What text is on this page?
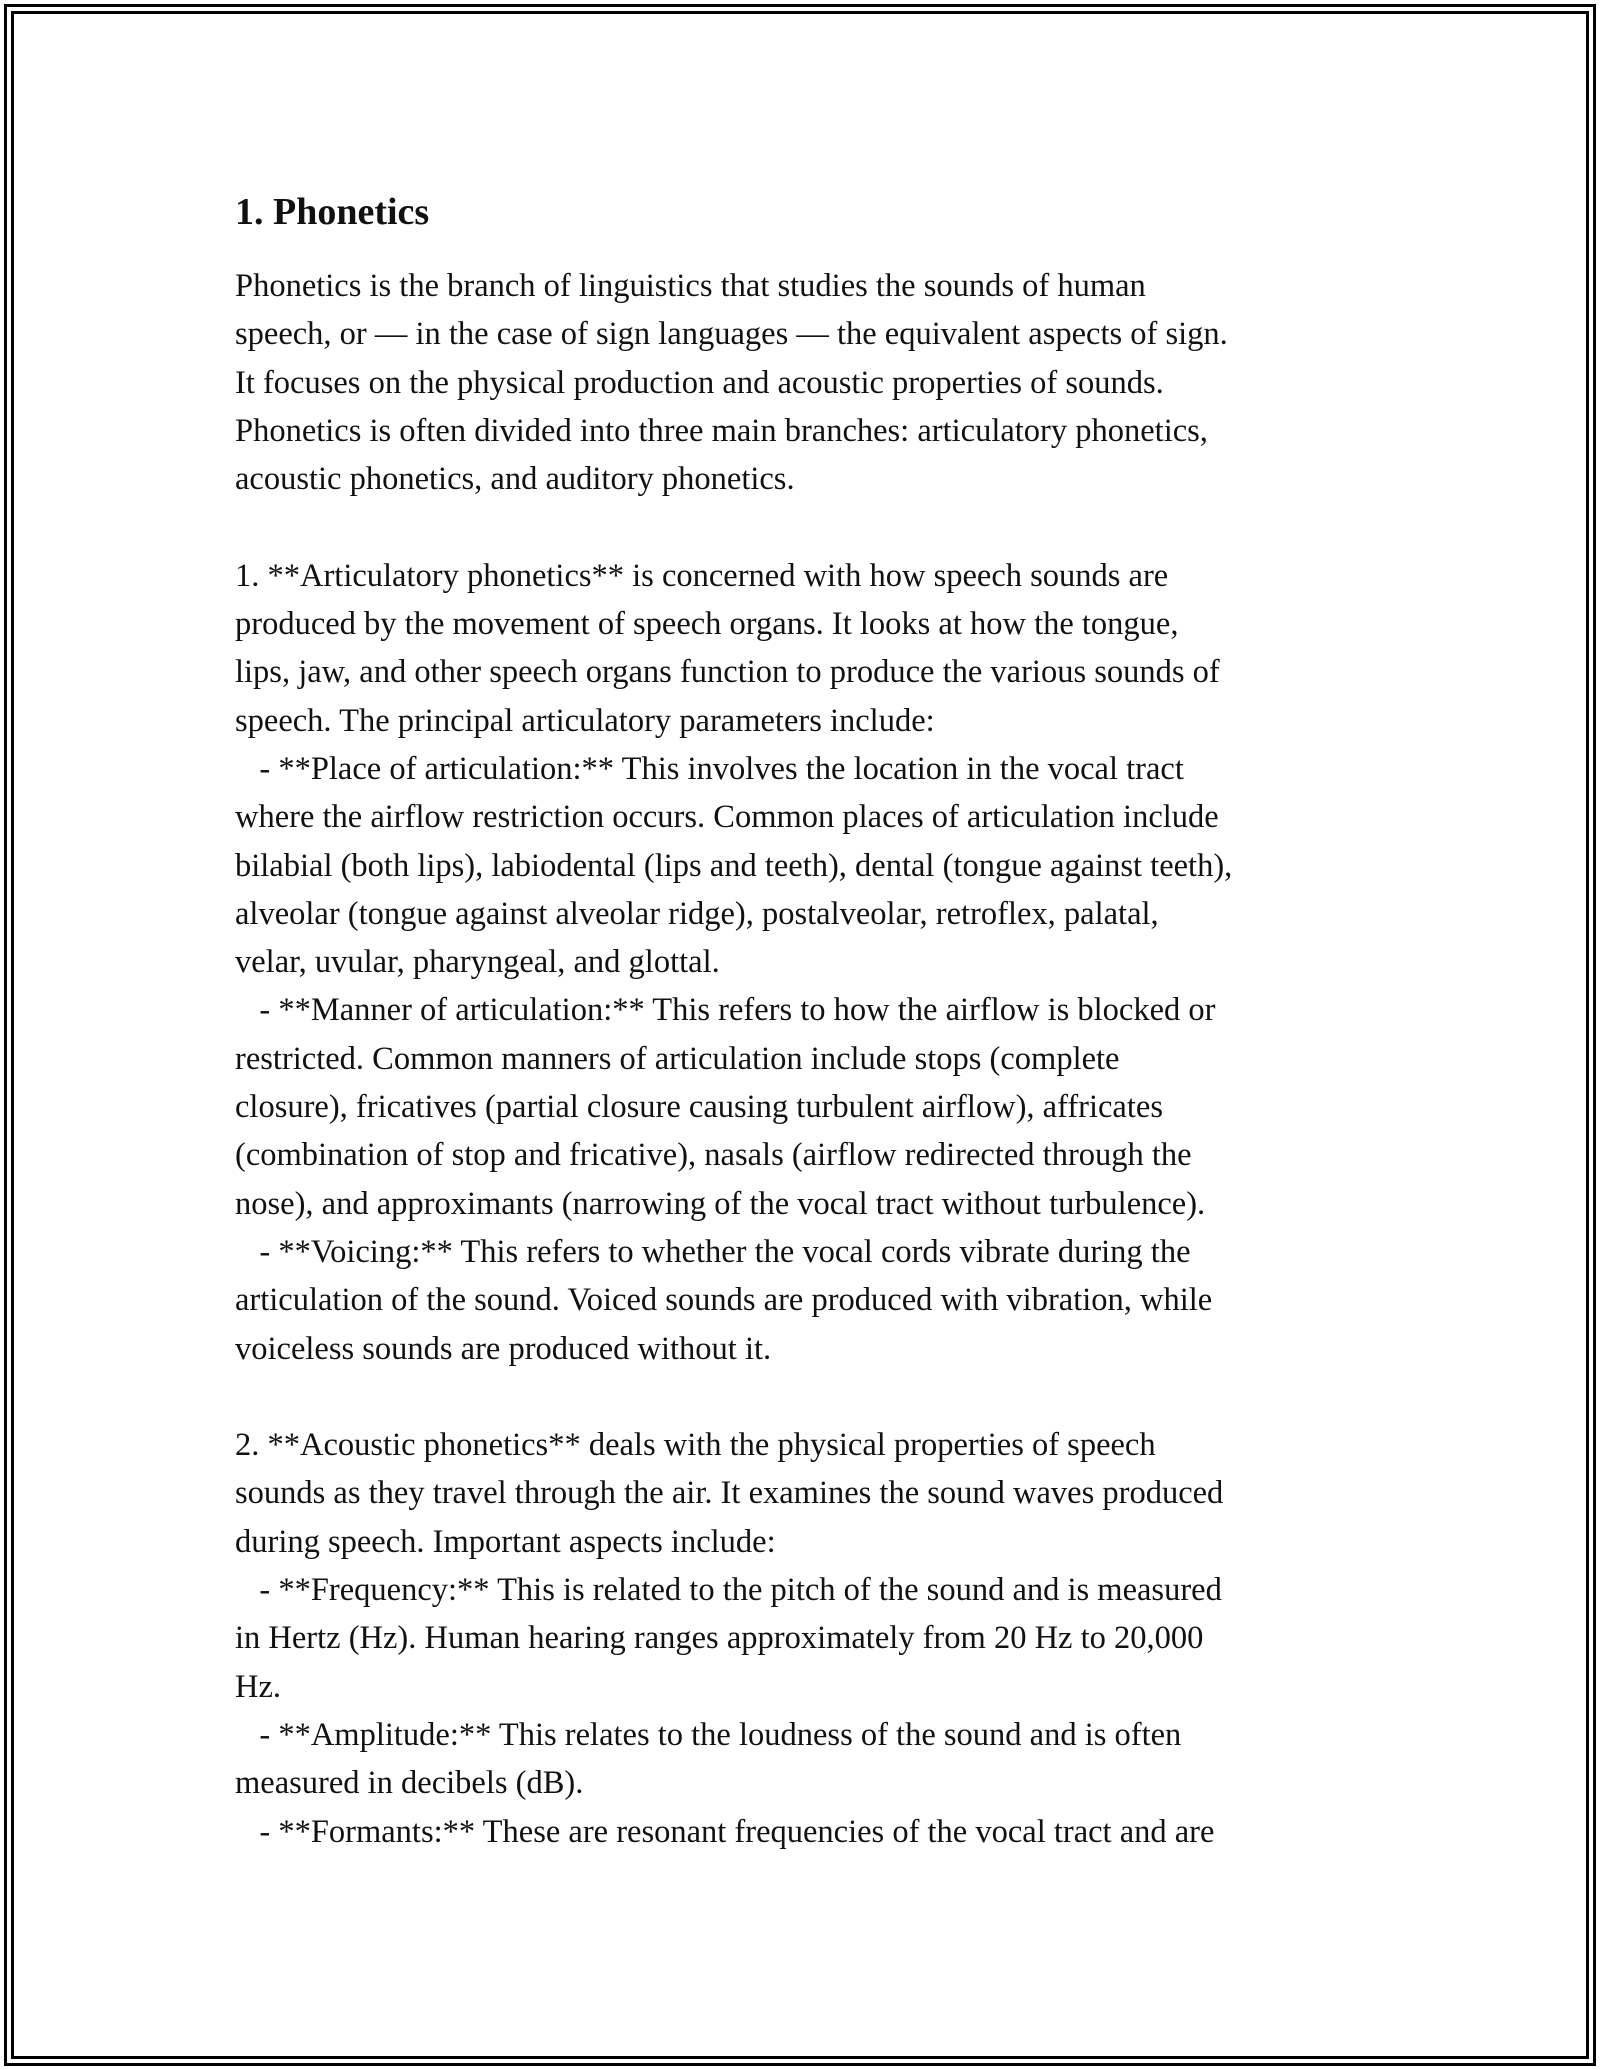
1. Phonetics
Phonetics is the branch of linguistics that studies the sounds of human
speech, or — in the case of sign languages — the equivalent aspects of sign.
It focuses on the physical production and acoustic properties of sounds.
Phonetics is often divided into three main branches: articulatory phonetics,
acoustic phonetics, and auditory phonetics.
1. **Articulatory phonetics** is concerned with how speech sounds are
produced by the movement of speech organs. It looks at how the tongue,
lips, jaw, and other speech organs function to produce the various sounds of
speech. The principal articulatory parameters include:
- **Place of articulation:** This involves the location in the vocal tract
where the airflow restriction occurs. Common places of articulation include
bilabial (both lips), labiodental (lips and teeth), dental (tongue against teeth),
alveolar (tongue against alveolar ridge), postalveolar, retroflex, palatal,
velar, uvular, pharyngeal, and glottal.
- **Manner of articulation:** This refers to how the airflow is blocked or
restricted. Common manners of articulation include stops (complete
closure), fricatives (partial closure causing turbulent airflow), affricates
(combination of stop and fricative), nasals (airflow redirected through the
nose), and approximants (narrowing of the vocal tract without turbulence).
- **Voicing:** This refers to whether the vocal cords vibrate during the
articulation of the sound. Voiced sounds are produced with vibration, while
voiceless sounds are produced without it.
2. **Acoustic phonetics** deals with the physical properties of speech
sounds as they travel through the air. It examines the sound waves produced
during speech. Important aspects include:
- **Frequency:** This is related to the pitch of the sound and is measured
in Hertz (Hz). Human hearing ranges approximately from 20 Hz to 20,000
Hz.
- **Amplitude:** This relates to the loudness of the sound and is often
measured in decibels (dB).
- **Formants:** These are resonant frequencies of the vocal tract and are
